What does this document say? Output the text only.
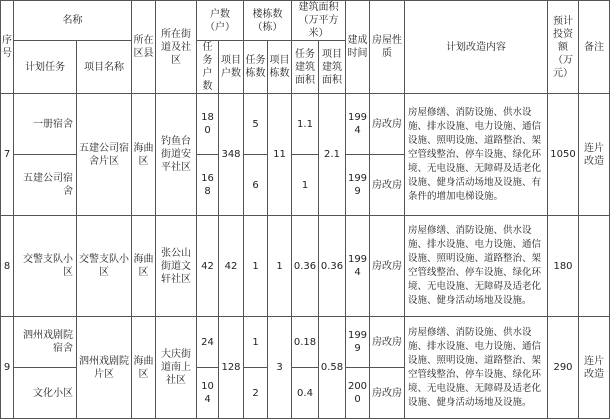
序号	名称		所在区县	所在街道及社区	户数（户）		楼栋数（栋）		建筑面积（万平方米）		建成时间	房屋性质	计划改造内容	预计投资额（万元）	备注
	计划任务	项目名称			任务户数	项目户数	任务栋数	项目栋数	任务建筑面积	项目建筑面积					
7	一册宿舍	五建公司宿舍片区	海曲区	钓鱼台街道安平社区	180	348	5	11	1.1	2.1	1994	房改房	房屋修缮、消防设施、供水设施、排水设施、电力设施、通信设施、照明设施、道路整治、架空管线整治、停车设施、绿化环境、无电设施、无障碍及适老化设施、健身活动场地及设施、有条件的增加电梯设施。	1050	连片改造
	五建公司宿舍				168		6		1		1999	房改房			
8	交警支队小区	交警支队小区	海曲区	张公山街道文轩社区	42	42	1	1	0.36	0.36	1994	房改房	房屋修缮、消防设施、供水设施、排水设施、电力设施、通信设施、照明设施、道路整治、架空管线整治、停车设施、绿化环境、无电设施、无障碍及适老化设施、健身活动场地及设施。	180	
9	泗州戏剧院宿舍	泗州戏剧院片区	海曲区	大庆街道南上社区	24	128	1	3	0.18	0.58	1999	房改房	房屋修缮、消防设施、供水设施、排水设施、电力设施、通信设施、照明设施、道路整治、架空管线整治、停车设施、绿化环境、无电设施、无障碍及适老化设施、健身活动场地及设施。	290	连片改造
	文化小区				104		2		0.4		2000	房改房			
